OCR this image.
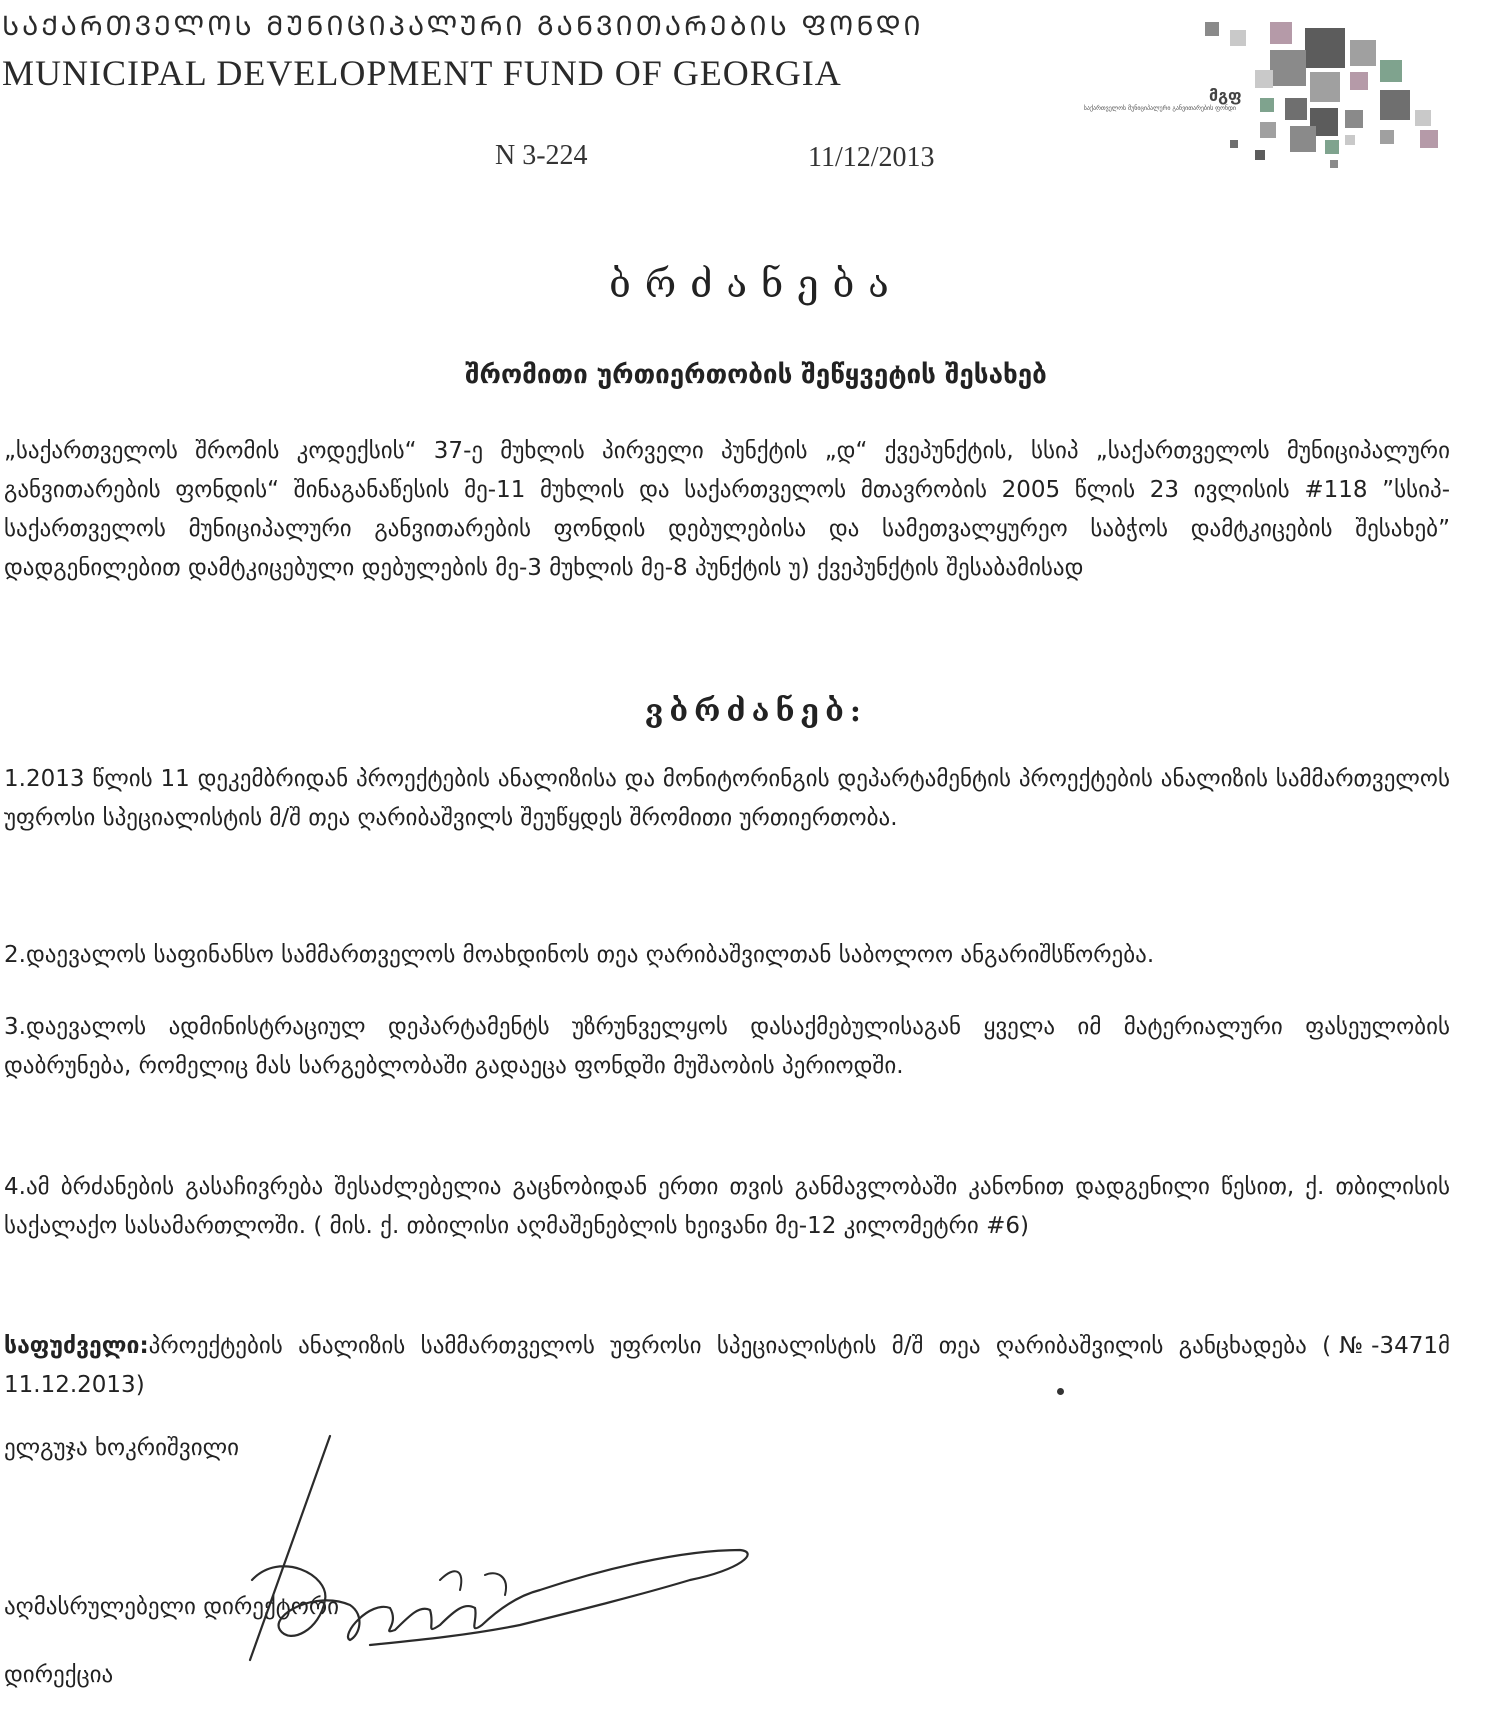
ᲡᲐᲥᲐᲠᲗᲕᲔᲚᲝᲡ ᲛᲣᲜᲘᲪᲘᲞᲐᲚᲣᲠᲘ ᲒᲐᲜᲕᲘᲗᲐᲠᲔᲑᲘᲡ ᲤᲝᲜᲓᲘ
MUNICIPAL DEVELOPMENT FUND OF GEORGIA
N 3-224	11/12/2013
მგფ
საქართველოს მუნიციპალური განვითარების ფონდი
ბრძანება
შრომითი ურთიერთობის შეწყვეტის შესახებ
„საქართველოს შრომის კოდექსის“ 37-ე მუხლის პირველი პუნქტის „დ“ ქვეპუნქტის, სსიპ „საქართველოს მუნიციპალური განვითარების ფონდის“ შინაგანაწესის მე-11 მუხლის და საქართველოს მთავრობის 2005 წლის 23 ივლისის #118 ”სსიპ-საქართველოს მუნიციპალური განვითარების ფონდის დებულებისა და სამეთვალყურეო საბჭოს დამტკიცების შესახებ” დადგენილებით დამტკიცებული დებულების მე-3 მუხლის მე-8 პუნქტის უ) ქვეპუნქტის შესაბამისად
ვბრძანებ:
1.2013 წლის 11 დეკემბრიდან პროექტების ანალიზისა და მონიტორინგის დეპარტამენტის პროექტების ანალიზის სამმართველოს უფროსი სპეციალისტის მ/შ თეა ღარიბაშვილს შეუწყდეს შრომითი ურთიერთობა.
2.დაევალოს საფინანსო სამმართველოს მოახდინოს თეა ღარიბაშვილთან საბოლოო ანგარიშსწორება.
3.დაევალოს ადმინისტრაციულ დეპარტამენტს უზრუნველყოს დასაქმებულისაგან ყველა იმ მატერიალური ფასეულობის დაბრუნება, რომელიც მას სარგებლობაში გადაეცა ფონდში მუშაობის პერიოდში.
4.ამ ბრძანების გასაჩივრება შესაძლებელია გაცნობიდან ერთი თვის განმავლობაში კანონით დადგენილი წესით, ქ. თბილისის საქალაქო სასამართლოში. ( მის. ქ. თბილისი აღმაშენებლის ხეივანი მე-12 კილომეტრი #6)
საფუძველი:პროექტების ანალიზის სამმართველოს უფროსი სპეციალისტის მ/შ თეა ღარიბაშვილის განცხადება (№-3471მ 11.12.2013)
ელგუჯა ხოკრიშვილი
აღმასრულებელი დირექტორი
დირექცია
